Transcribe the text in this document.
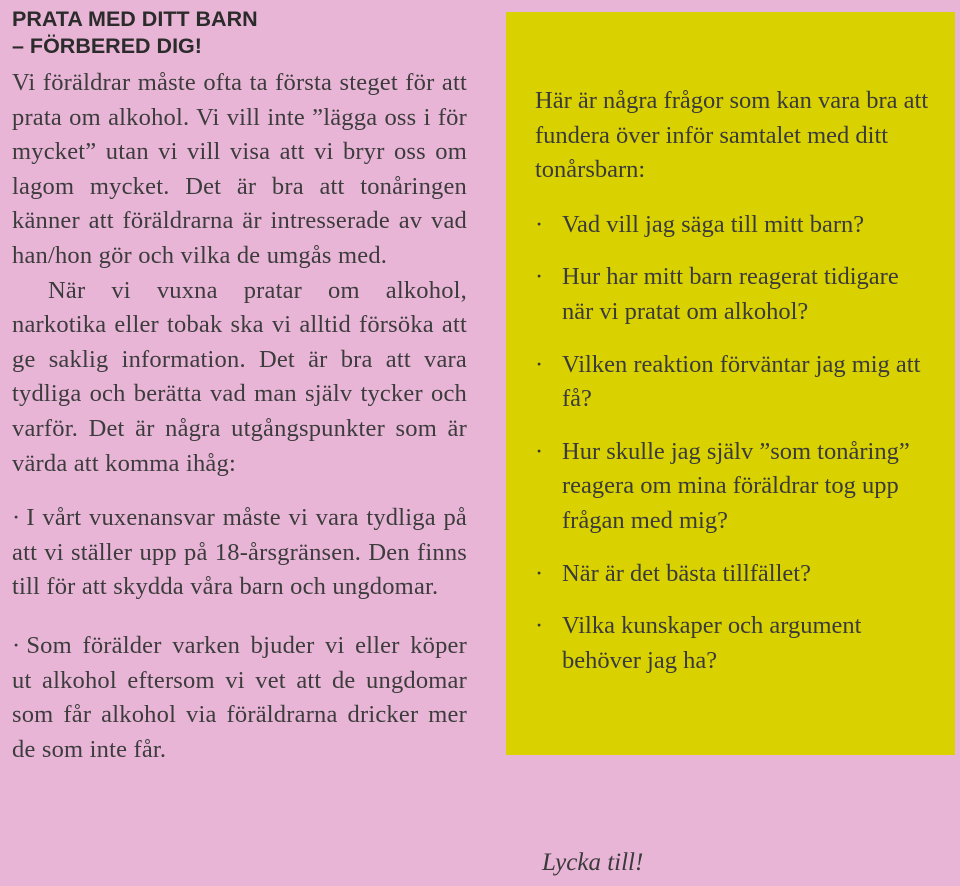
PRATA MED DITT BARN
– FÖRBERED DIG!

Vi föräldrar måste ofta ta första steget för att prata om alkohol. Vi vill inte ”lägga oss i för mycket” utan vi vill visa att vi bryr oss om lagom mycket. Det är bra att tonåringen känner att föräldrarna är intresserade av vad han/hon gör och vilka de umgås med.

När vi vuxna pratar om alkohol, narkotika eller tobak ska vi alltid försöka att ge saklig information. Det är bra att vara tydliga och berätta vad man själv tycker och varför. Det är några utgångspunkter som är värda att komma ihåg:

· I vårt vuxenansvar måste vi vara tydliga på att vi ställer upp på 18-årsgränsen. Den finns till för att skydda våra barn och ungdomar.

· Som förälder varken bjuder vi eller köper ut alkohol eftersom vi vet att de ungdomar som får alkohol via föräldrarna dricker mer de som inte får.

Här är några frågor som kan vara bra att fundera över inför samtalet med ditt tonårsbarn:

· Vad vill jag säga till mitt barn?
· Hur har mitt barn reagerat tidigare när vi pratat om alkohol?
· Vilken reaktion förväntar jag mig att få?
· Hur skulle jag själv ”som tonåring” reagera om mina föräldrar tog upp frågan med mig?
· När är det bästa tillfället?
· Vilka kunskaper och argument behöver jag ha?
Lycka till!
